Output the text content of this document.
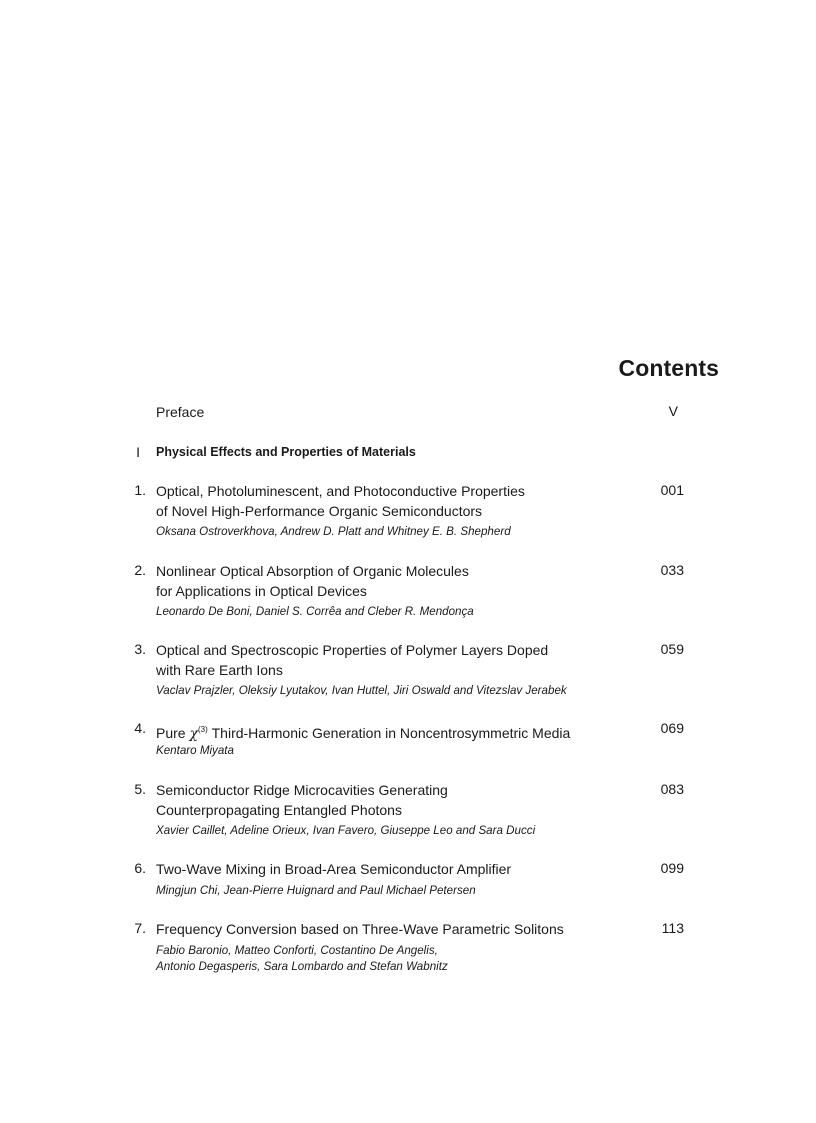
Contents
Preface	V
I Physical Effects and Properties of Materials
1. Optical, Photoluminescent, and Photoconductive Properties
of Novel High-Performance Organic Semiconductors
Oksana Ostroverkhova, Andrew D. Platt and Whitney E. B. Shepherd
001
2. Nonlinear Optical Absorption of Organic Molecules
for Applications in Optical Devices
Leonardo De Boni, Daniel S. Corrêa and Cleber R. Mendonça
033
3. Optical and Spectroscopic Properties of Polymer Layers Doped
with Rare Earth Ions
Vaclav Prajzler, Oleksiy Lyutakov, Ivan Huttel, Jiri Oswald and Vitezslav Jerabek
059
4. Pure $\chi^{(3)}$ Third-Harmonic Generation in Noncentrosymmetric Media
Kentaro Miyata
069
5. Semiconductor Ridge Microcavities Generating
Counterpropagating Entangled Photons
Xavier Caillet, Adeline Orieux, Ivan Favero, Giuseppe Leo and Sara Ducci
083
6. Two-Wave Mixing in Broad-Area Semiconductor Amplifier
Mingjun Chi, Jean-Pierre Huignard and Paul Michael Petersen
099
7. Frequency Conversion based on Three-Wave Parametric Solitons
Fabio Baronio, Matteo Conforti, Costantino De Angelis,
Antonio Degasperis, Sara Lombardo and Stefan Wabnitz
113
